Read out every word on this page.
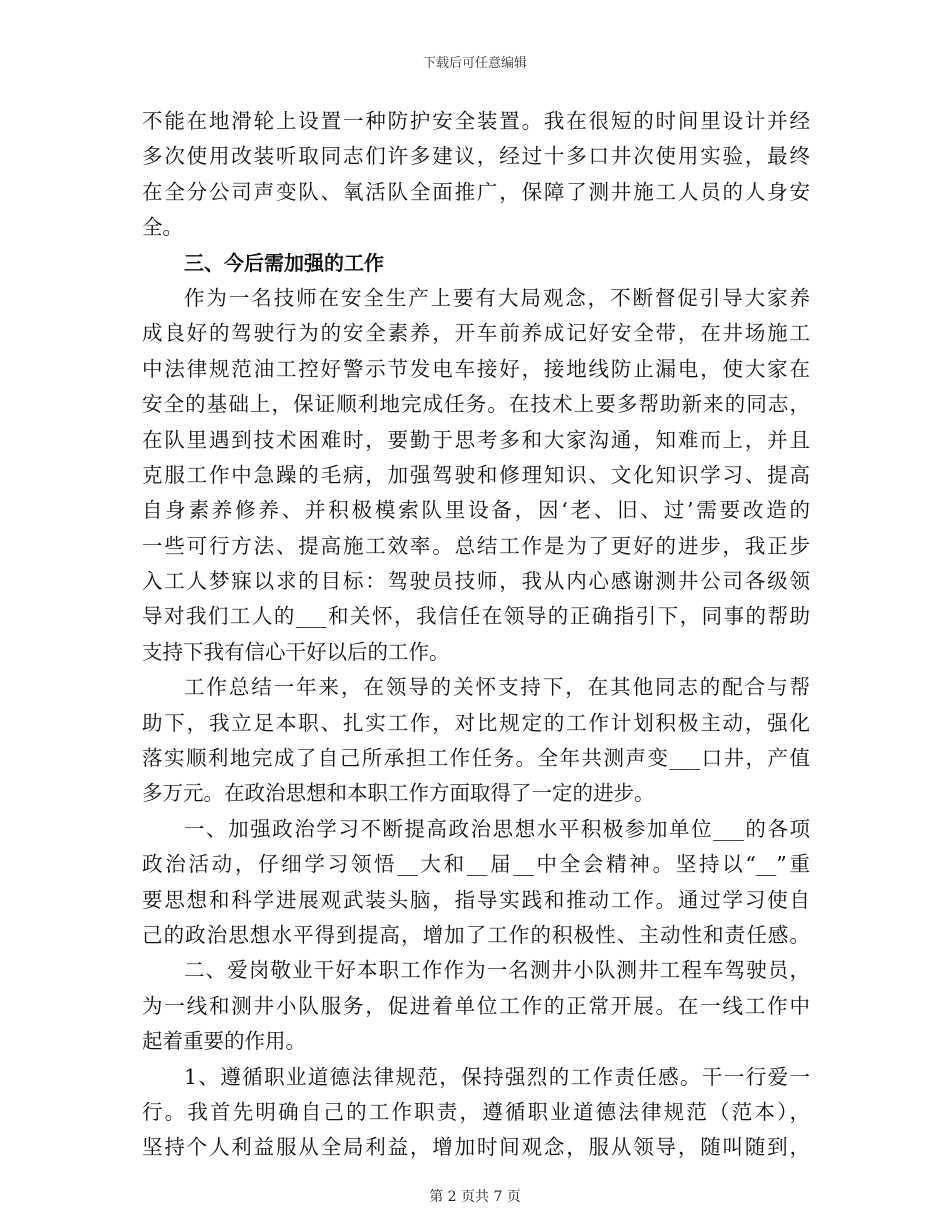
下载后可任意编辑
不能在地滑轮上设置一种防护安全装置。我在很短的时间里设计并经
多次使用改装听取同志们许多建议，经过十多口井次使用实验，最终
在全分公司声变队、氧活队全面推广，保障了测井施工人员的人身安
全。
三、今后需加强的工作
作为一名技师在安全生产上要有大局观念，不断督促引导大家养
成良好的驾驶行为的安全素养，开车前养成记好安全带，在井场施工
中法律规范油工控好警示节发电车接好，接地线防止漏电，使大家在
安全的基础上，保证顺利地完成任务。在技术上要多帮助新来的同志，
在队里遇到技术困难时，要勤于思考多和大家沟通，知难而上，并且
克服工作中急躁的毛病，加强驾驶和修理知识、文化知识学习、提高
自身素养修养、并积极模索队里设备，因‘老、旧、过’需要改造的
一些可行方法、提高施工效率。总结工作是为了更好的进步，我正步
入工人梦寐以求的目标：驾驶员技师，我从内心感谢测井公司各级领
导对我们工人的___和关怀，我信任在领导的正确指引下，同事的帮助
支持下我有信心干好以后的工作。
工作总结一年来，在领导的关怀支持下，在其他同志的配合与帮
助下，我立足本职、扎实工作，对比规定的工作计划积极主动，强化
落实顺利地完成了自己所承担工作任务。全年共测声变___口井，产值
多万元。在政治思想和本职工作方面取得了一定的进步。
一、加强政治学习不断提高政治思想水平积极参加单位___的各项
政治活动，仔细学习领悟__大和__届__中全会精神。坚持以“__”重
要思想和科学进展观武装头脑，指导实践和推动工作。通过学习使自
己的政治思想水平得到提高，增加了工作的积极性、主动性和责任感。
二、爱岗敬业干好本职工作作为一名测井小队测井工程车驾驶员，
为一线和测井小队服务，促进着单位工作的正常开展。在一线工作中
起着重要的作用。
1、遵循职业道德法律规范，保持强烈的工作责任感。干一行爱一
行。我首先明确自己的工作职责，遵循职业道德法律规范（范本），
坚持个人利益服从全局利益，增加时间观念，服从领导，随叫随到，
第 2 页共 7 页
